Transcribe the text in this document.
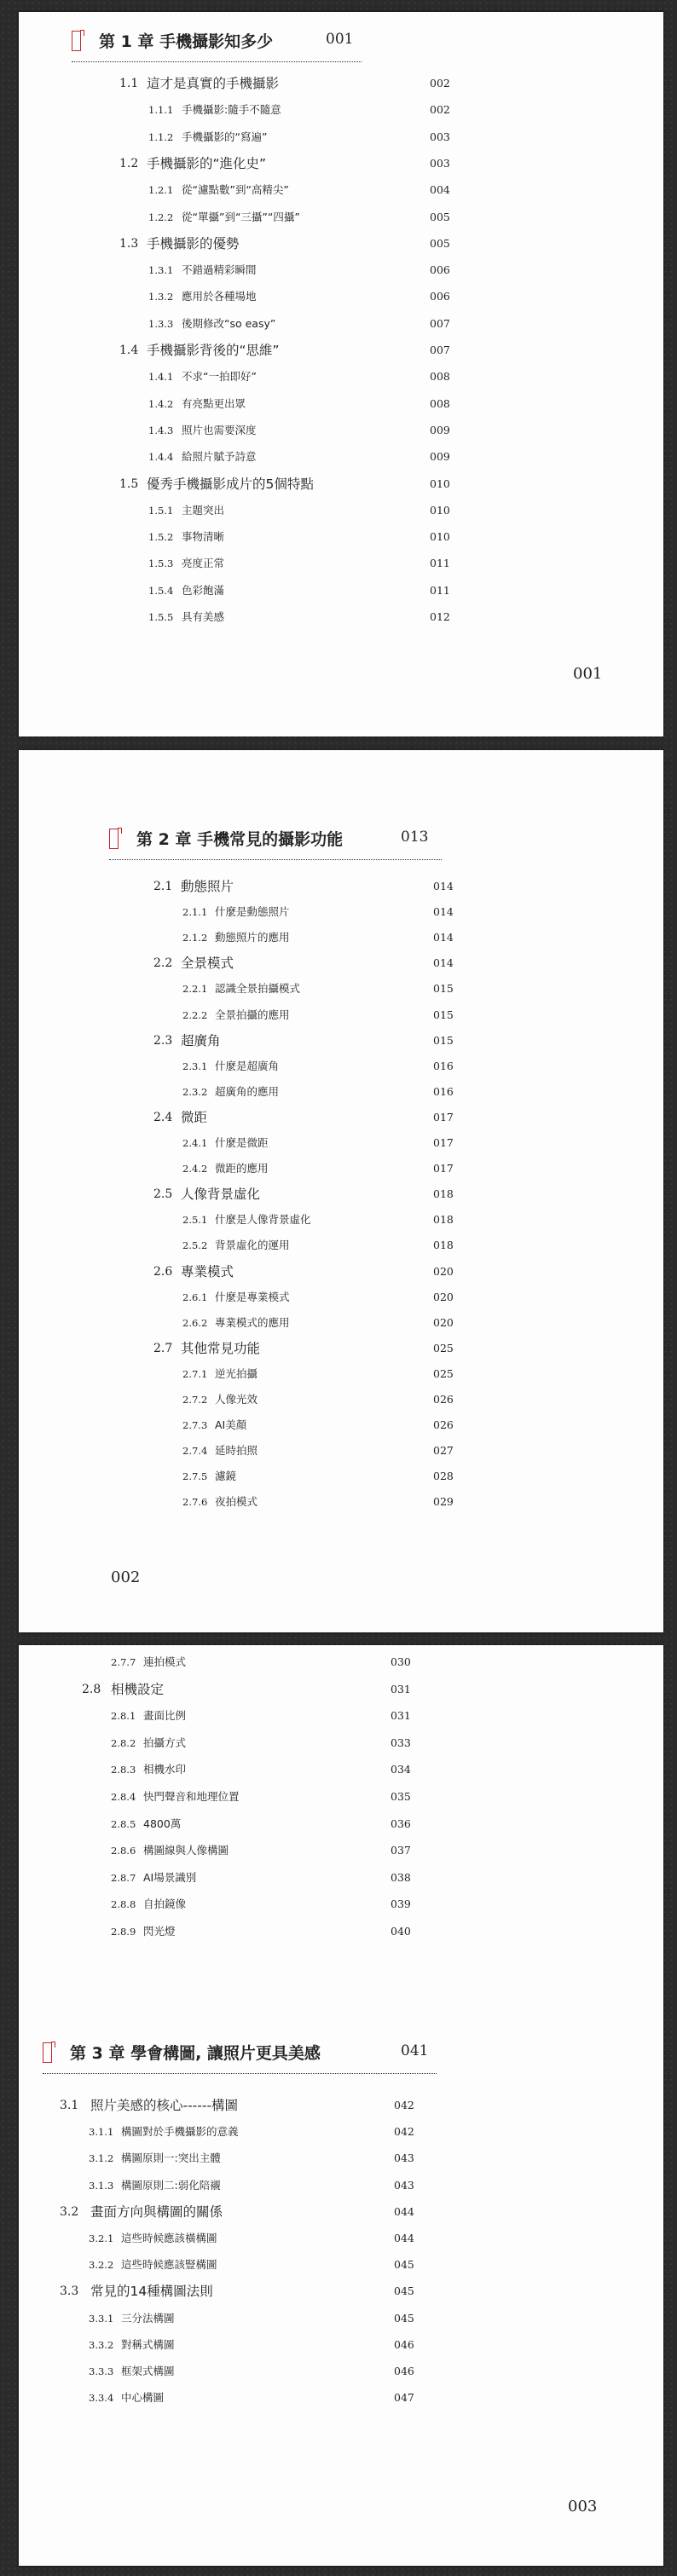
第 1 章 手機攝影知多少	001
1.1 這才是真實的手機攝影	002
1.1.1 手機攝影:隨手不隨意	002
1.1.2 手機攝影的“寫遍”	003
1.2 手機攝影的“進化史”	003
1.2.1 從“濾點數”到“高精尖”	004
1.2.2 從“單攝”到“三攝”“四攝”	005
1.3 手機攝影的優勢	005
1.3.1 不錯過精彩瞬間	006
1.3.2 應用於各種場地	006
1.3.3 後期修改“so easy”	007
1.4 手機攝影背後的“思維”	007
1.4.1 不求“一拍即好”	008
1.4.2 有亮點更出眾	008
1.4.3 照片也需要深度	009
1.4.4 給照片賦予詩意	009
1.5 優秀手機攝影成片的5個特點	010
1.5.1 主題突出	010
1.5.2 事物清晰	010
1.5.3 亮度正常	011
1.5.4 色彩飽滿	011
1.5.5 具有美感	012
001
第 2 章 手機常見的攝影功能	013
2.1 動態照片	014
2.1.1 什麼是動態照片	014
2.1.2 動態照片的應用	014
2.2 全景模式	014
2.2.1 認識全景拍攝模式	015
2.2.2 全景拍攝的應用	015
2.3 超廣角	015
2.3.1 什麼是超廣角	016
2.3.2 超廣角的應用	016
2.4 微距	017
2.4.1 什麼是微距	017
2.4.2 微距的應用	017
2.5 人像背景虛化	018
2.5.1 什麼是人像背景虛化	018
2.5.2 背景虛化的運用	018
2.6 專業模式	020
2.6.1 什麼是專業模式	020
2.6.2 專業模式的應用	020
2.7 其他常見功能	025
2.7.1 逆光拍攝	025
2.7.2 人像光效	026
2.7.3 AI美顏	026
2.7.4 延時拍照	027
2.7.5 濾鏡	028
2.7.6 夜拍模式	029
002
2.7.7 連拍模式	030
2.8 相機設定	031
2.8.1 畫面比例	031
2.8.2 拍攝方式	033
2.8.3 相機水印	034
2.8.4 快門聲音和地理位置	035
2.8.5 4800萬	036
2.8.6 構圖線與人像構圖	037
2.8.7 AI場景識別	038
2.8.8 自拍鏡像	039
2.8.9 閃光燈	040
第 3 章 學會構圖, 讓照片更具美感	041
3.1 照片美感的核心------構圖	042
3.1.1 構圖對於手機攝影的意義	042
3.1.2 構圖原則一:突出主體	043
3.1.3 構圖原則二:弱化陪襯	043
3.2 畫面方向與構圖的關係	044
3.2.1 這些時候應該橫構圖	044
3.2.2 這些時候應該豎構圖	045
3.3 常見的14種構圖法則	045
3.3.1 三分法構圖	045
3.3.2 對稱式構圖	046
3.3.3 框架式構圖	046
3.3.4 中心構圖	047
003
